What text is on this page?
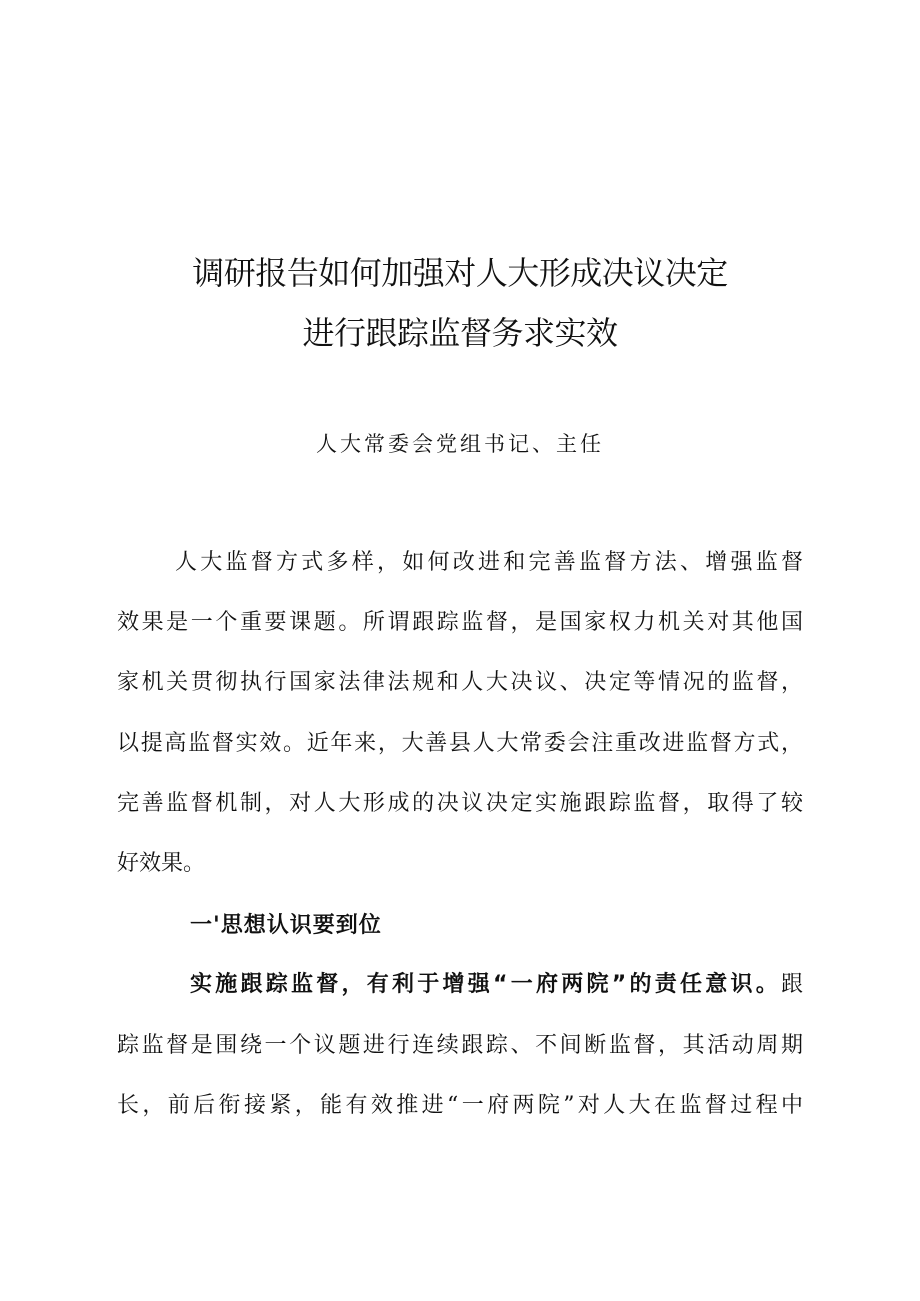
调研报告如何加强对人大形成决议决定
进行跟踪监督务求实效
人大常委会党组书记、主任
人大监督方式多样，如何改进和完善监督方法、增强监督
效果是一个重要课题。所谓跟踪监督，是国家权力机关对其他国
家机关贯彻执行国家法律法规和人大决议、决定等情况的监督，
以提高监督实效。近年来，大善县人大常委会注重改进监督方式，
完善监督机制，对人大形成的决议决定实施跟踪监督，取得了较
好效果。
一'思想认识要到位
实施跟踪监督，有利于增强“一府两院”的责任意识。跟
踪监督是围绕一个议题进行连续跟踪、不间断监督，其活动周期
长，前后衔接紧，能有效推进“一府两院”对人大在监督过程中
